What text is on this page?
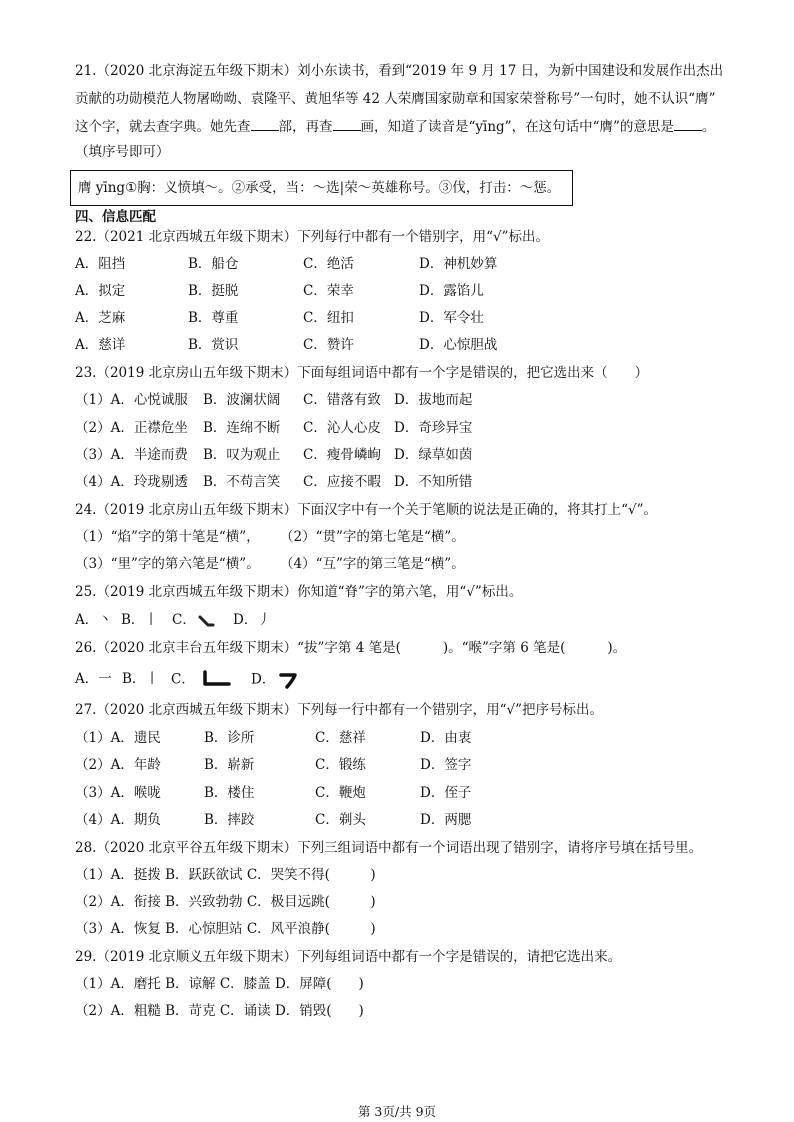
21.（2020 北京海淀五年级下期末）刘小东读书，看到“2019 年 9 月 17 日，为新中国建设和发展作出杰出
贡献的功勋模范人物屠呦呦、袁隆平、黄旭华等 42 人荣膺国家勋章和国家荣誉称号”一句时，她不认识“膺”
这个字，就去查字典。她先查 部，再查 画，知道了读音是“yīng”，在这句话中“膺”的意思是 。
（填序号即可）
膺 yīng①胸：义愤填～。②承受，当：～选|荣～英雄称号。③伐，打击：～惩。
四、信息匹配
22.（2021 北京西城五年级下期末）下列每行中都有一个错别字，用“√”标出。
A．阻挡	B．船仓	C．绝活	D．神机妙算
A．拟定	B．挺脱	C．荣幸	D．露馅儿
A．芝麻	B．尊重	C．纽扣	D．军令壮
A．慈详	B．赏识	C．赞许	D．心惊胆战
23.（2019 北京房山五年级下期末）下面每组词语中都有一个字是错误的，把它选出来（　　）
（1）A．心悦诚服 B．波澜状阔 C．错落有致 D．拔地而起
（2）A．正襟危坐 B．连绵不断 C．沁人心皮 D．奇珍异宝
（3）A．半途而费 B．叹为观止 C．瘦骨嶙峋 D．绿草如茵
（4）A．玲珑剔透 B．不苟言笑 C．应接不暇 D．不知所错
24.（2019 北京房山五年级下期末）下面汉字中有一个关于笔顺的说法是正确的，将其打上“√”。
（1）“焰”字的第十笔是“横”， （2）“贯”字的第七笔是“横”。
（3）“里”字的第六笔是“横”。 （4）“互”字的第三笔是“横”。
25.（2019 北京西城五年级下期末）你知道“脊”字的第六笔，用“√”标出。
A．丶 B．丨 C．	D．丿
26.（2020 北京丰台五年级下期末）“拔”字第 4 笔是(	)。“喉”字第 6 笔是(	)。
A．一 B．丨 C．	D．
27.（2020 北京西城五年级下期末）下列每一行中都有一个错别字，用“√”把序号标出。
（1）A．遗民	B．诊所	C．慈祥	D．由衷
（2）A．年龄	B．崭新	C．锻练	D．签字
（3）A．喉咙	B．楼住	C．鞭炮	D．侄子
（4）A．期负	B．摔跤	C．剃头	D．两腮
28.（2020 北京平谷五年级下期末）下列三组词语中都有一个词语出现了错别字，请将序号填在括号里。
（1）A．挺拨 B．跃跃欲试 C．哭笑不得(　　　)
（2）A．衔接 B．兴致勃勃 C．极目远跳(　　　)
（3）A．恢复 B．心惊胆站 C．风平浪静(　　　)
29.（2019 北京顺义五年级下期末）下列每组词语中都有一个字是错误的，请把它选出来。
（1）A．磨托 B．谅解 C．膝盖 D．屏障(　　)
（2）A．粗糙 B．苛克 C．诵读 D．销毁(　　)
第 3页/共 9页
